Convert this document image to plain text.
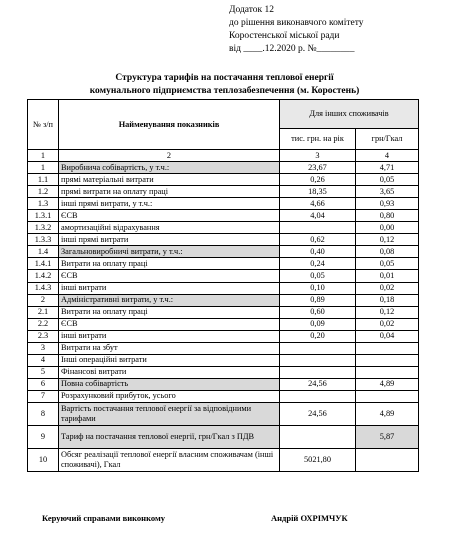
Додаток 12
до рішення виконавчого комітету
Коростенської міської ради
від ____.12.2020 р. №________
Структура тарифів на постачання теплової енергії
комунального підприємства теплозабезпечення (м. Коростень)
№ з/п	Найменування показників	Для інших споживачів	
		тис. грн. на рік	грн/Гкал
1	2	3	4
1	Виробнича собівартість, у т.ч.:	23,67	4,71
1.1	прямі матеріальні витрати	0,26	0,05
1.2	прямі витрати на оплату праці	18,35	3,65
1.3	інші прямі витрати, у т.ч.:	4,66	0,93
1.3.1	ЄСВ	4,04	0,80
1.3.2	амортизаційні відрахування		0,00
1.3.3	інші прямі витрати	0,62	0,12
1.4	Загальновиробничі витрати, у т.ч.:	0,40	0,08
1.4.1	Витрати на оплату праці	0,24	0,05
1.4.2	ЄСВ	0,05	0,01
1.4.3	інші витрати	0,10	0,02
2	Адміністративні витрати, у т.ч.:	0,89	0,18
2.1	Витрати на оплату праці	0,60	0,12
2.2	ЄСВ	0,09	0,02
2.3	інші витрати	0,20	0,04
3	Витрати на збут		
4	Інші операційні витрати		
5	Фінансові витрати		
6	Повна собівартість	24,56	4,89
7	Розрахунковий прибуток, усього		
8	Вартість постачання теплової енергії за відповідними тарифами	24,56	4,89
9	Тариф на постачання теплової енергії, грн/Гкал з ПДВ		5,87
10	Обсяг реалізації теплової енергії власним споживачам (інші споживачі), Гкал	5021,80	
Керуючий справами виконкому	Андрій ОХРІМЧУК
